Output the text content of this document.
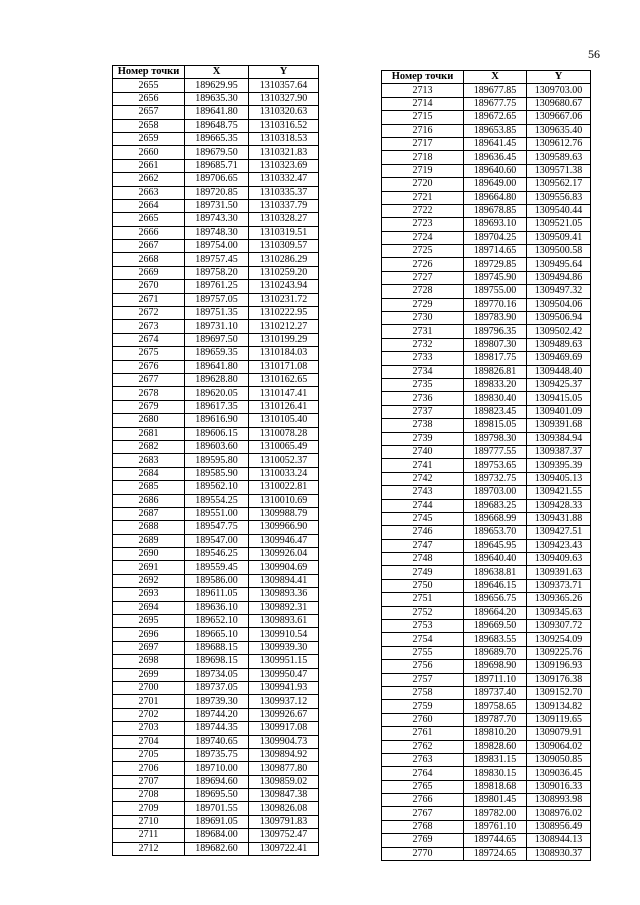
56
Номер точки	X	Y
2655	189629.95	1310357.64
2656	189635.30	1310327.90
2657	189641.80	1310320.63
2658	189648.75	1310316.52
2659	189665.35	1310318.53
2660	189679.50	1310321.83
2661	189685.71	1310323.69
2662	189706.65	1310332.47
2663	189720.85	1310335.37
2664	189731.50	1310337.79
2665	189743.30	1310328.27
2666	189748.30	1310319.51
2667	189754.00	1310309.57
2668	189757.45	1310286.29
2669	189758.20	1310259.20
2670	189761.25	1310243.94
2671	189757.05	1310231.72
2672	189751.35	1310222.95
2673	189731.10	1310212.27
2674	189697.50	1310199.29
2675	189659.35	1310184.03
2676	189641.80	1310171.08
2677	189628.80	1310162.65
2678	189620.05	1310147.41
2679	189617.35	1310126.41
2680	189616.90	1310105.40
2681	189606.15	1310078.28
2682	189603.60	1310065.49
2683	189595.80	1310052.37
2684	189585.90	1310033.24
2685	189562.10	1310022.81
2686	189554.25	1310010.69
2687	189551.00	1309988.79
2688	189547.75	1309966.90
2689	189547.00	1309946.47
2690	189546.25	1309926.04
2691	189559.45	1309904.69
2692	189586.00	1309894.41
2693	189611.05	1309893.36
2694	189636.10	1309892.31
2695	189652.10	1309893.61
2696	189665.10	1309910.54
2697	189688.15	1309939.30
2698	189698.15	1309951.15
2699	189734.05	1309950.47
2700	189737.05	1309941.93
2701	189739.30	1309937.12
2702	189744.20	1309926.67
2703	189744.35	1309917.08
2704	189740.65	1309904.73
2705	189735.75	1309894.92
2706	189710.00	1309877.80
2707	189694.60	1309859.02
2708	189695.50	1309847.38
2709	189701.55	1309826.08
2710	189691.05	1309791.83
2711	189684.00	1309752.47
2712	189682.60	1309722.41
Номер точки	X	Y
2713	189677.85	1309703.00
2714	189677.75	1309680.67
2715	189672.65	1309667.06
2716	189653.85	1309635.40
2717	189641.45	1309612.76
2718	189636.45	1309589.63
2719	189640.60	1309571.38
2720	189649.00	1309562.17
2721	189664.80	1309556.83
2722	189678.85	1309540.44
2723	189693.10	1309521.05
2724	189704.25	1309509.41
2725	189714.65	1309500.58
2726	189729.85	1309495.64
2727	189745.90	1309494.86
2728	189755.00	1309497.32
2729	189770.16	1309504.06
2730	189783.90	1309506.94
2731	189796.35	1309502.42
2732	189807.30	1309489.63
2733	189817.75	1309469.69
2734	189826.81	1309448.40
2735	189833.20	1309425.37
2736	189830.40	1309415.05
2737	189823.45	1309401.09
2738	189815.05	1309391.68
2739	189798.30	1309384.94
2740	189777.55	1309387.37
2741	189753.65	1309395.39
2742	189732.75	1309405.13
2743	189703.00	1309421.55
2744	189683.25	1309428.33
2745	189668.99	1309431.88
2746	189653.70	1309427.51
2747	189645.95	1309423.43
2748	189640.40	1309409.63
2749	189638.81	1309391.63
2750	189646.15	1309373.71
2751	189656.75	1309365.26
2752	189664.20	1309345.63
2753	189669.50	1309307.72
2754	189683.55	1309254.09
2755	189689.70	1309225.76
2756	189698.90	1309196.93
2757	189711.10	1309176.38
2758	189737.40	1309152.70
2759	189758.65	1309134.82
2760	189787.70	1309119.65
2761	189810.20	1309079.91
2762	189828.60	1309064.02
2763	189831.15	1309050.85
2764	189830.15	1309036.45
2765	189818.68	1309016.33
2766	189801.45	1308993.98
2767	189782.00	1308976.02
2768	189761.10	1308956.49
2769	189744.65	1308944.13
2770	189724.65	1308930.37
